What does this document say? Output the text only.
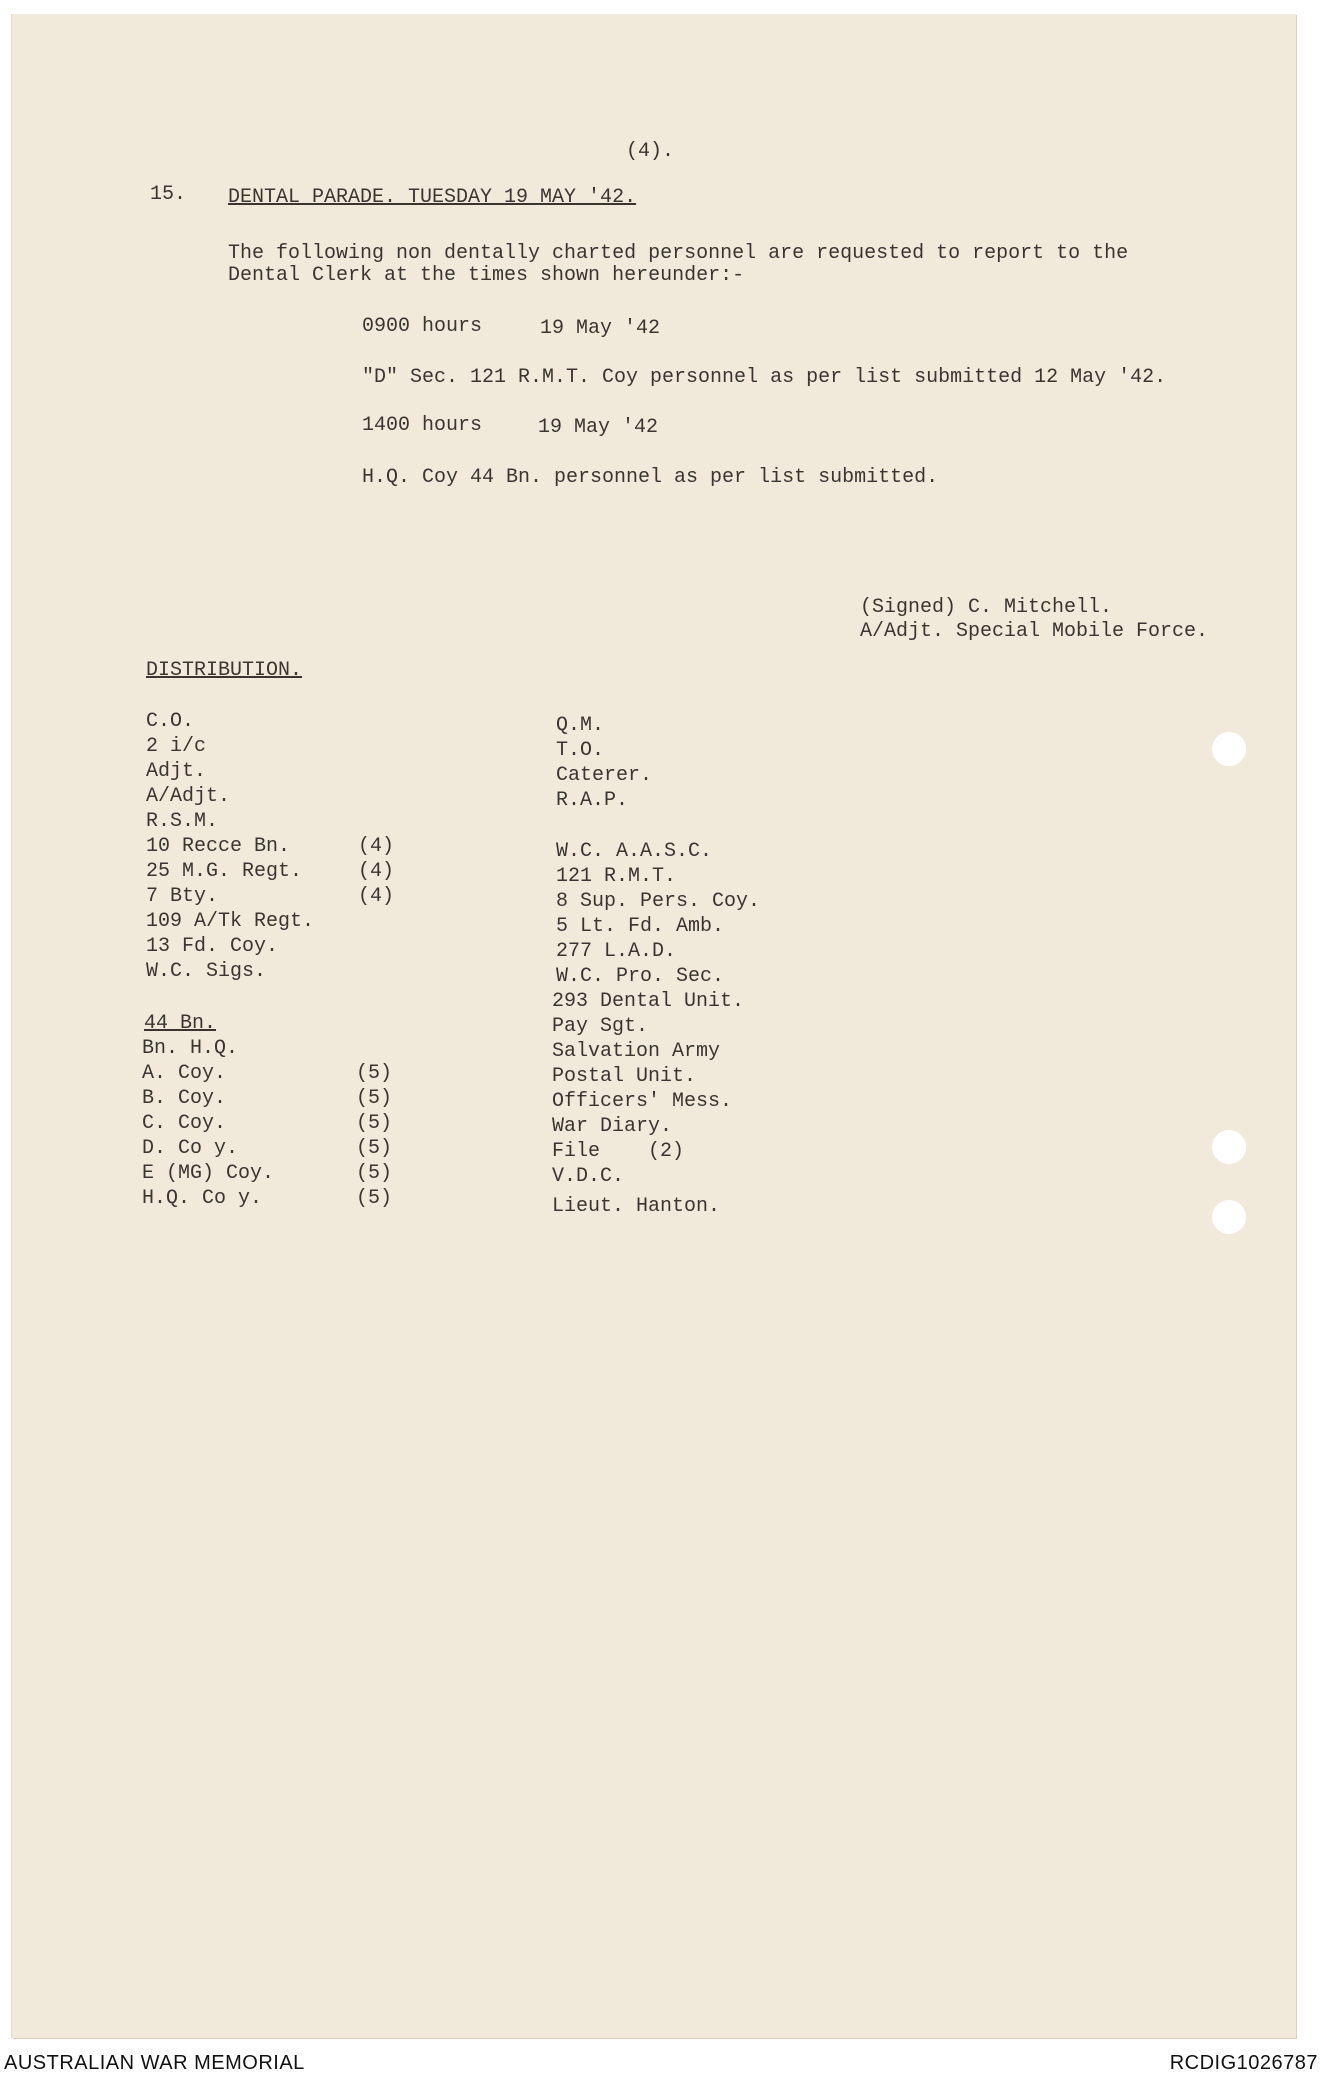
(4).
15. DENTAL PARADE. TUESDAY 19 MAY '42.
The following non dentally charted personnel are requested to report to the
Dental Clerk at the times shown hereunder:-
0900 hours	19 May '42
"D" Sec. 121 R.M.T. Coy personnel as per list submitted 12 May '42.
1400 hours	19 May '42
H.Q. Coy 44 Bn. personnel as per list submitted.
(Signed) C. Mitchell.
A/Adjt. Special Mobile Force.
DISTRIBUTION.
C.O.
2 i/c
Adjt.
A/Adjt.
R.S.M.
10 Recce Bn.	(4)
25 M.G. Regt.	(4)
7 Bty.	(4)
109 A/Tk Regt.
13 Fd. Coy.
W.C. Sigs.
44 Bn.
Bn. H.Q.
A. Coy.	(5)
B. Coy.	(5)
C. Coy.	(5)
D. Co y.	(5)
E (MG) Coy.	(5)
H.Q. Co y.	(5)
Q.M.
T.O.
Caterer.
R.A.P.
W.C. A.A.S.C.
121 R.M.T.
8 Sup. Pers. Coy.
5 Lt. Fd. Amb.
277 L.A.D.
W.C. Pro. Sec.
293 Dental Unit.
Pay Sgt.
Salvation Army
Postal Unit.
Officers' Mess.
War Diary.
File    (2)
V.D.C.
Lieut. Hanton.
AUSTRALIAN WAR MEMORIAL	RCDIG1026787
